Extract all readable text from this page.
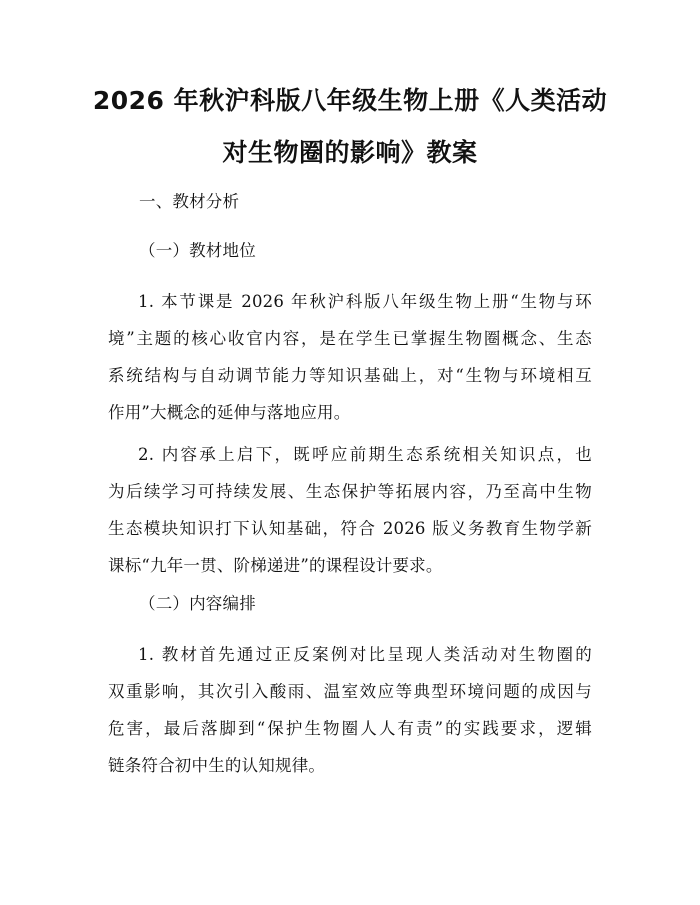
2026 年秋沪科版八年级生物上册《人类活动
对生物圈的影响》教案
一、教材分析
（一）教材地位
1. 本节课是 2026 年秋沪科版八年级生物上册“生物与环
境”主题的核心收官内容，是在学生已掌握生物圈概念、生态
系统结构与自动调节能力等知识基础上，对“生物与环境相互
作用”大概念的延伸与落地应用。
2. 内容承上启下，既呼应前期生态系统相关知识点，也
为后续学习可持续发展、生态保护等拓展内容，乃至高中生物
生态模块知识打下认知基础，符合 2026 版义务教育生物学新
课标“九年一贯、阶梯递进”的课程设计要求。
（二）内容编排
1. 教材首先通过正反案例对比呈现人类活动对生物圈的
双重影响，其次引入酸雨、温室效应等典型环境问题的成因与
危害，最后落脚到“保护生物圈人人有责”的实践要求，逻辑
链条符合初中生的认知规律。
